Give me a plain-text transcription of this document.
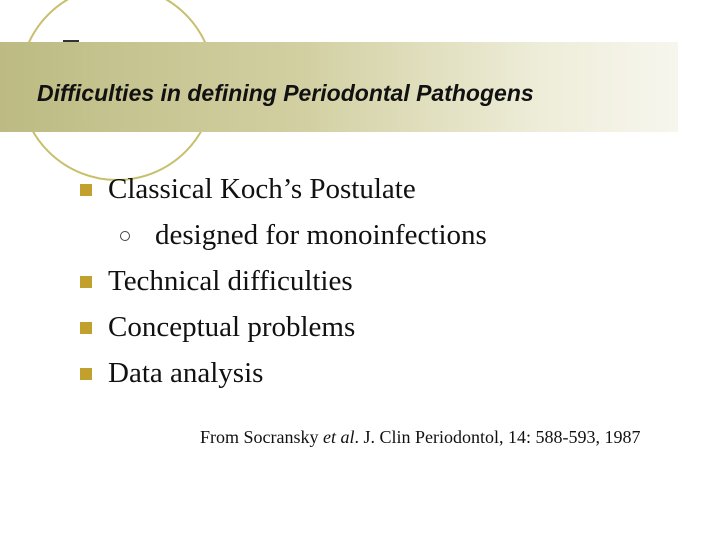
Difficulties in defining Periodontal Pathogens
Classical Koch’s Postulate
designed for monoinfections
Technical difficulties
Conceptual problems
Data analysis

From Socransky et al. J. Clin Periodontol, 14: 588-593, 1987
